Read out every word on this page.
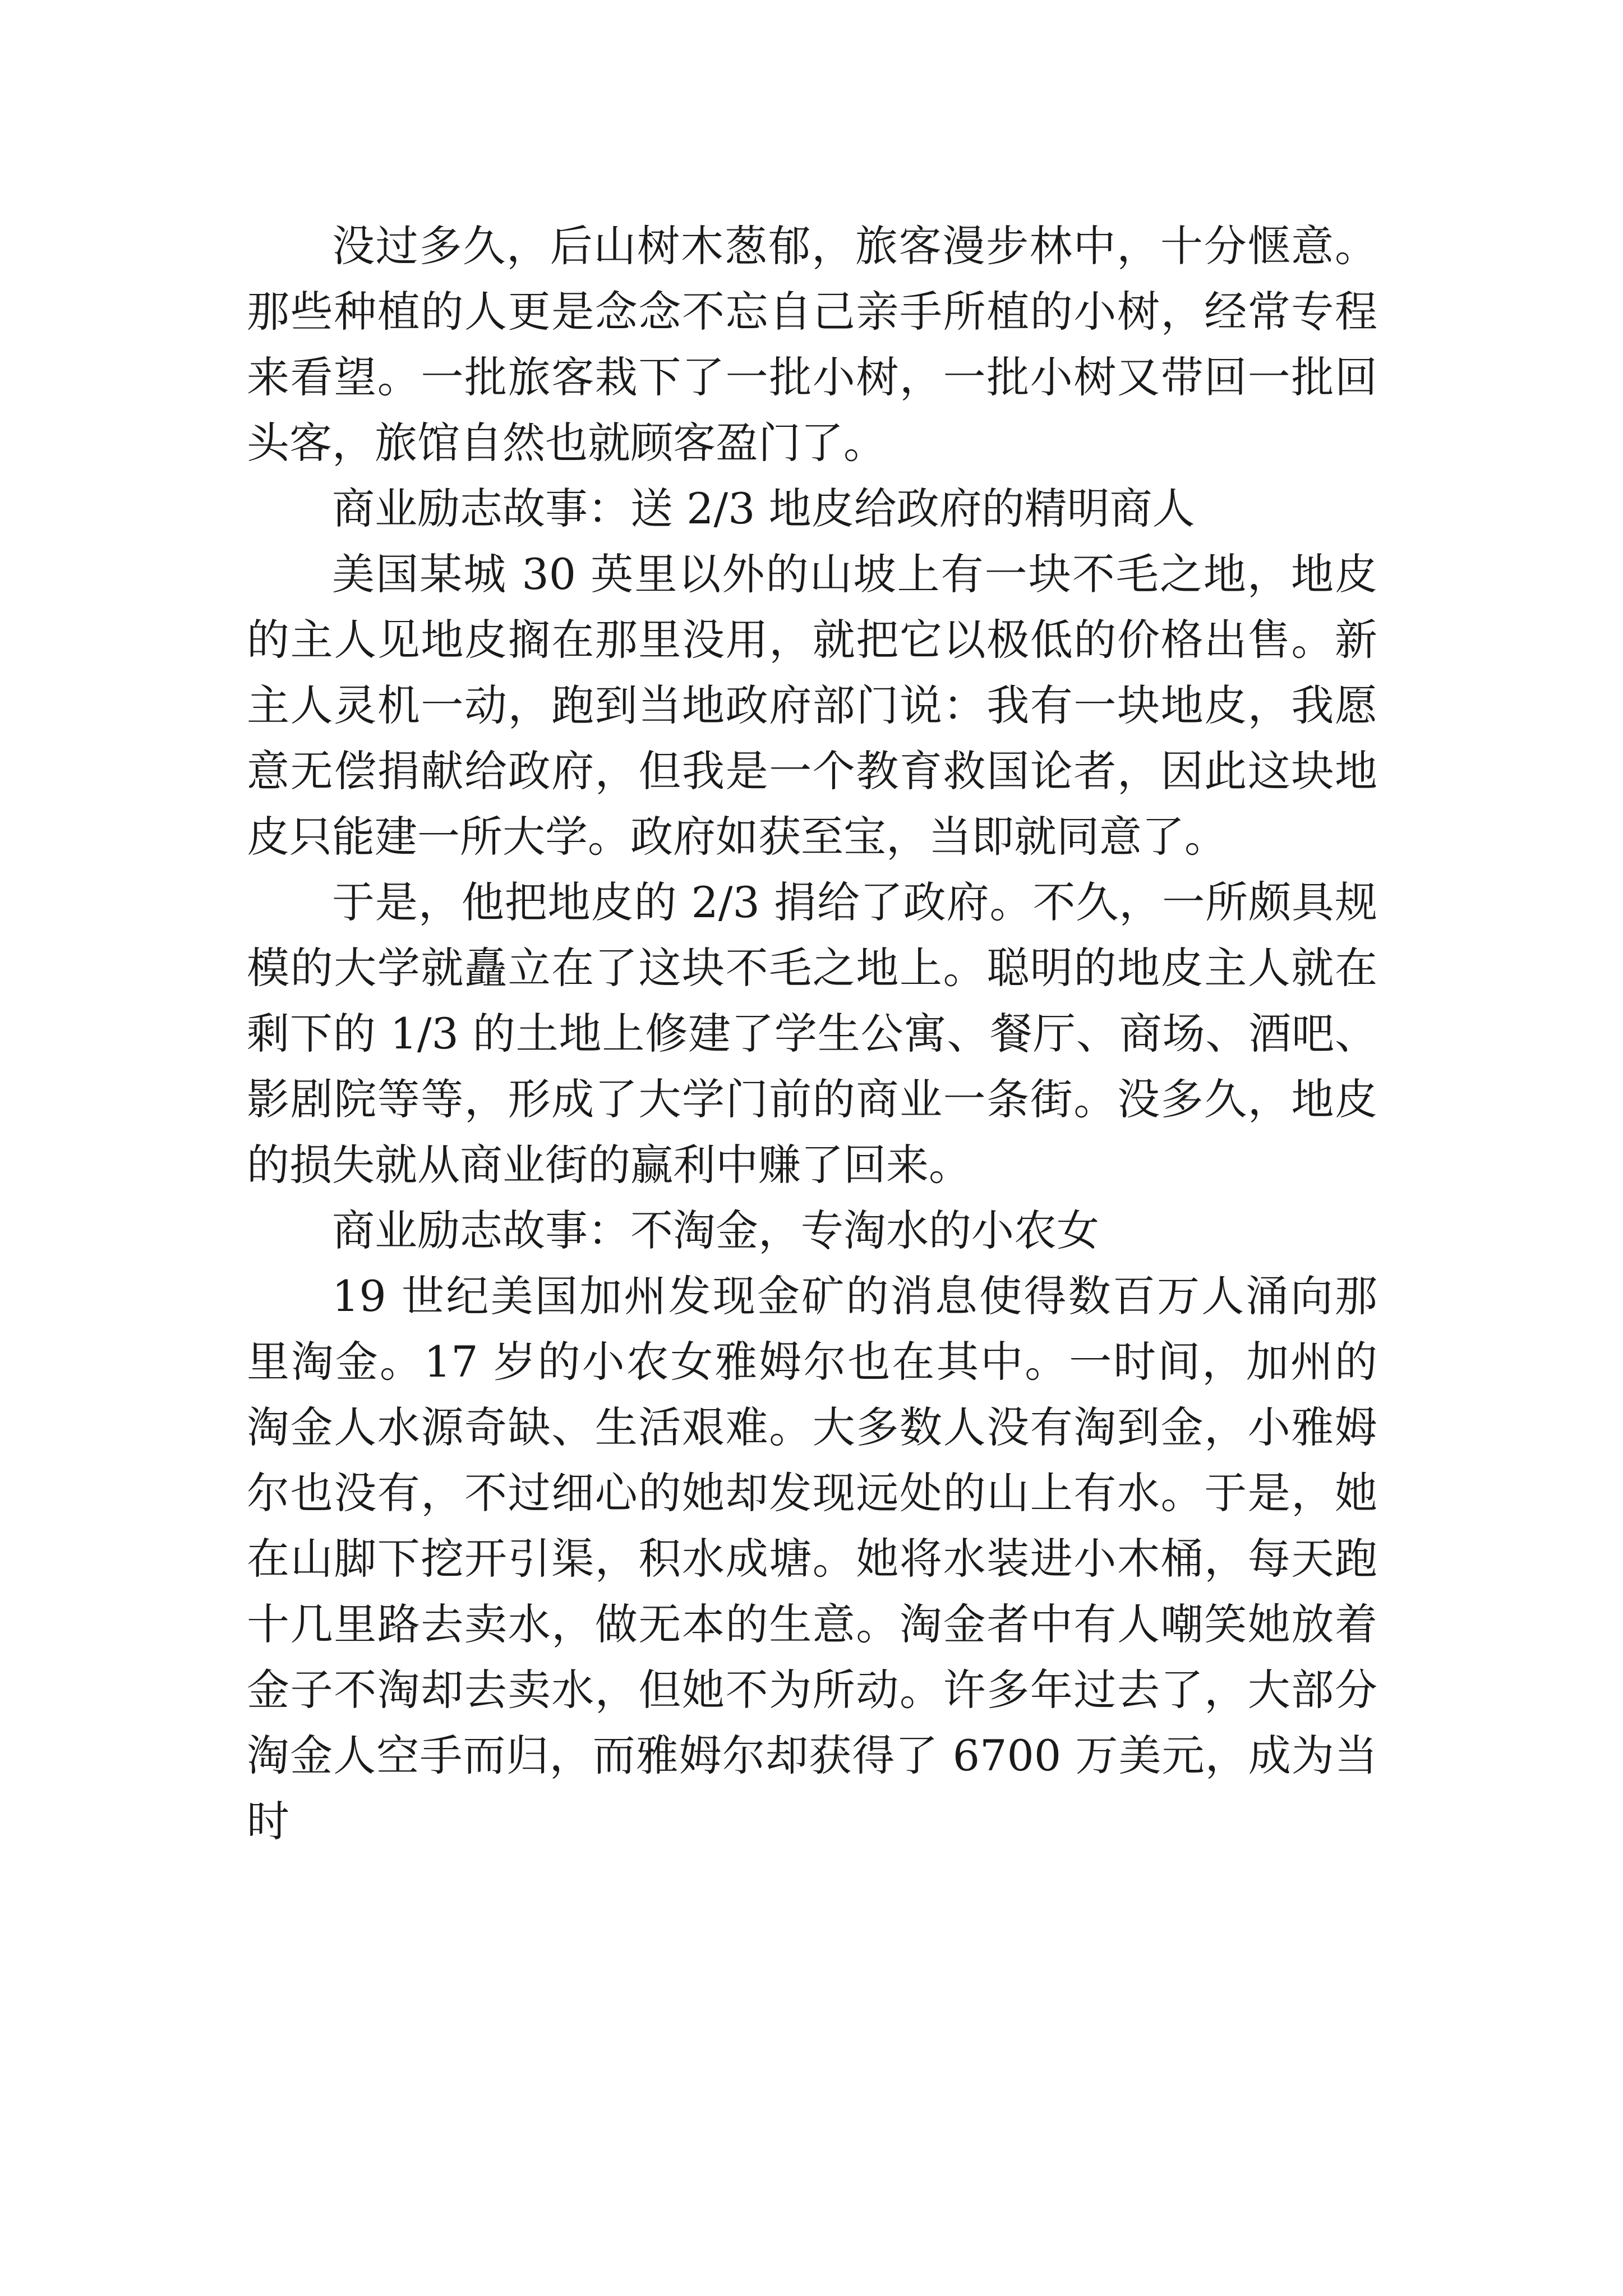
没过多久，后山树木葱郁，旅客漫步林中，十分惬意。那些种植的人更是念念不忘自己亲手所植的小树，经常专程来看望。一批旅客栽下了一批小树，一批小树又带回一批回头客，旅馆自然也就顾客盈门了。

商业励志故事：送 2/3 地皮给政府的精明商人

美国某城 30 英里以外的山坡上有一块不毛之地，地皮的主人见地皮搁在那里没用，就把它以极低的价格出售。新主人灵机一动，跑到当地政府部门说：我有一块地皮，我愿意无偿捐献给政府，但我是一个教育救国论者，因此这块地皮只能建一所大学。政府如获至宝，当即就同意了。

于是，他把地皮的 2/3 捐给了政府。不久，一所颇具规模的大学就矗立在了这块不毛之地上。聪明的地皮主人就在剩下的 1/3 的土地上修建了学生公寓、餐厅、商场、酒吧、影剧院等等，形成了大学门前的商业一条街。没多久，地皮的损失就从商业街的赢利中赚了回来。

商业励志故事：不淘金，专淘水的小农女

19 世纪美国加州发现金矿的消息使得数百万人涌向那里淘金。17 岁的小农女雅姆尔也在其中。一时间，加州的淘金人水源奇缺、生活艰难。大多数人没有淘到金，小雅姆尔也没有，不过细心的她却发现远处的山上有水。于是，她在山脚下挖开引渠，积水成塘。她将水装进小木桶，每天跑十几里路去卖水，做无本的生意。淘金者中有人嘲笑她放着金子不淘却去卖水，但她不为所动。许多年过去了，大部分淘金人空手而归，而雅姆尔却获得了 6700 万美元，成为当时
